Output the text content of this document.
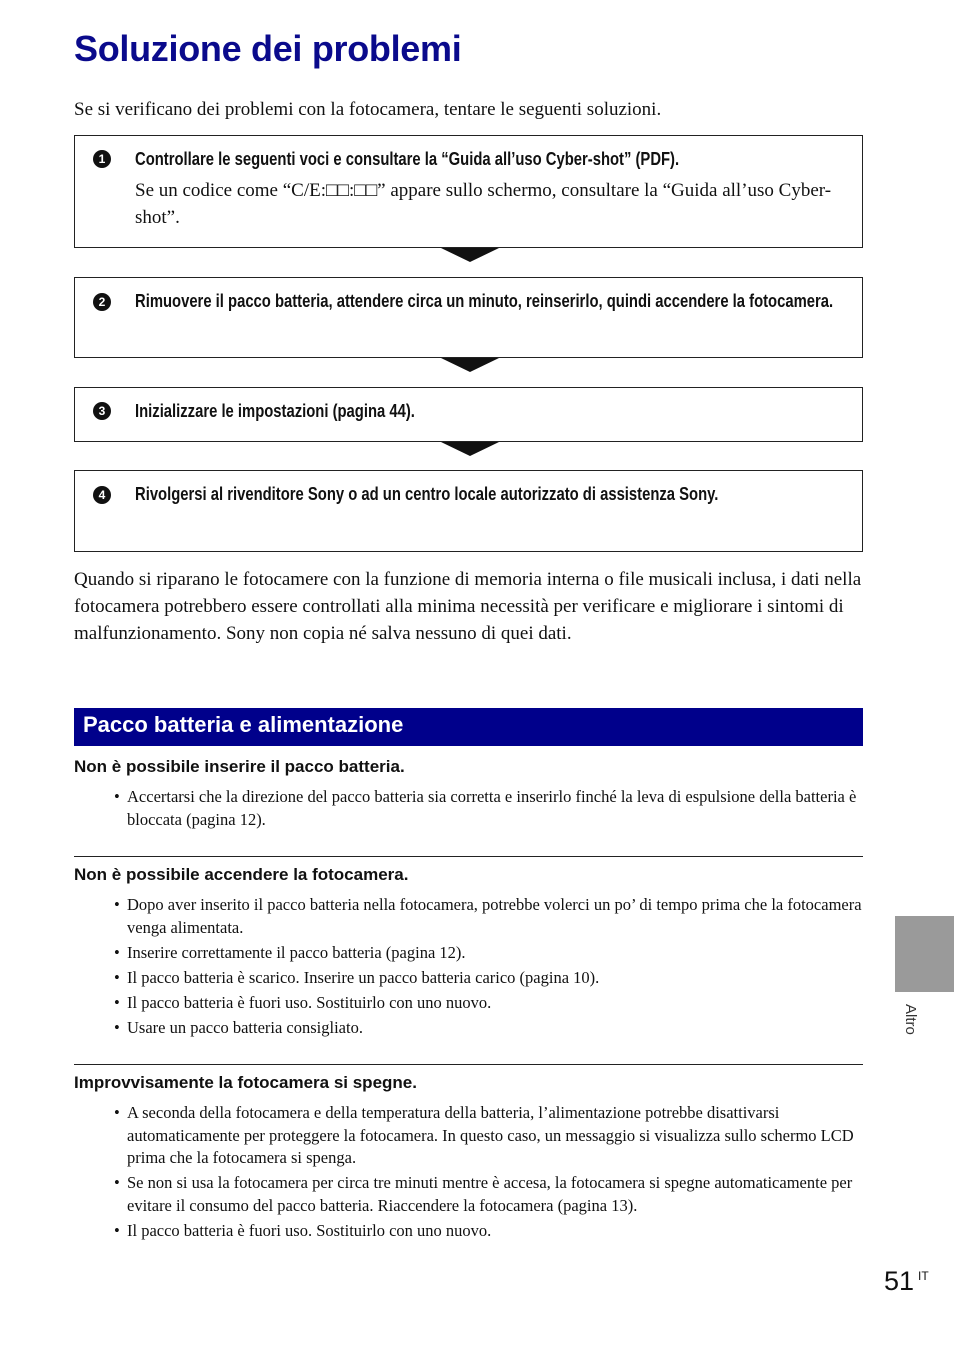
Soluzione dei problemi
Se si verificano dei problemi con la fotocamera, tentare le seguenti soluzioni.
1	Controllare le seguenti voci e consultare la “Guida all’uso Cyber-shot” (PDF).
Se un codice come “C/E:□□:□□” appare sullo schermo, consultare la “Guida all’uso Cyber-shot”.
Rimuovere il pacco batteria, attendere circa un minuto, reinserirlo, quindi accendere la fotocamera.
2
3	Inizializzare le impostazioni (pagina 44).
4	Rivolgersi al rivenditore Sony o ad un centro locale autorizzato di assistenza Sony.
Quando si riparano le fotocamere con la funzione di memoria interna o file musicali inclusa, i dati nella fotocamera potrebbero essere controllati alla minima necessità per verificare e migliorare i sintomi di malfunzionamento. Sony non copia né salva nessuno di quei dati.
Pacco batteria e alimentazione
Non è possibile inserire il pacco batteria.
• Accertarsi che la direzione del pacco batteria sia corretta e inserirlo finché la leva di espulsione della batteria è bloccata (pagina 12).
Non è possibile accendere la fotocamera.
• Dopo aver inserito il pacco batteria nella fotocamera, potrebbe volerci un po’ di tempo prima che la fotocamera venga alimentata.
• Inserire correttamente il pacco batteria (pagina 12).
• Il pacco batteria è scarico. Inserire un pacco batteria carico (pagina 10).
• Il pacco batteria è fuori uso. Sostituirlo con uno nuovo.
• Usare un pacco batteria consigliato.
Improvvisamente la fotocamera si spegne.
• A seconda della fotocamera e della temperatura della batteria, l’alimentazione potrebbe disattivarsi automaticamente per proteggere la fotocamera. In questo caso, un messaggio si visualizza sullo schermo LCD prima che la fotocamera si spenga.
• Se non si usa la fotocamera per circa tre minuti mentre è accesa, la fotocamera si spegne automaticamente per evitare il consumo del pacco batteria. Riaccendere la fotocamera (pagina 13).
• Il pacco batteria è fuori uso. Sostituirlo con uno nuovo.
Altro
51 IT
